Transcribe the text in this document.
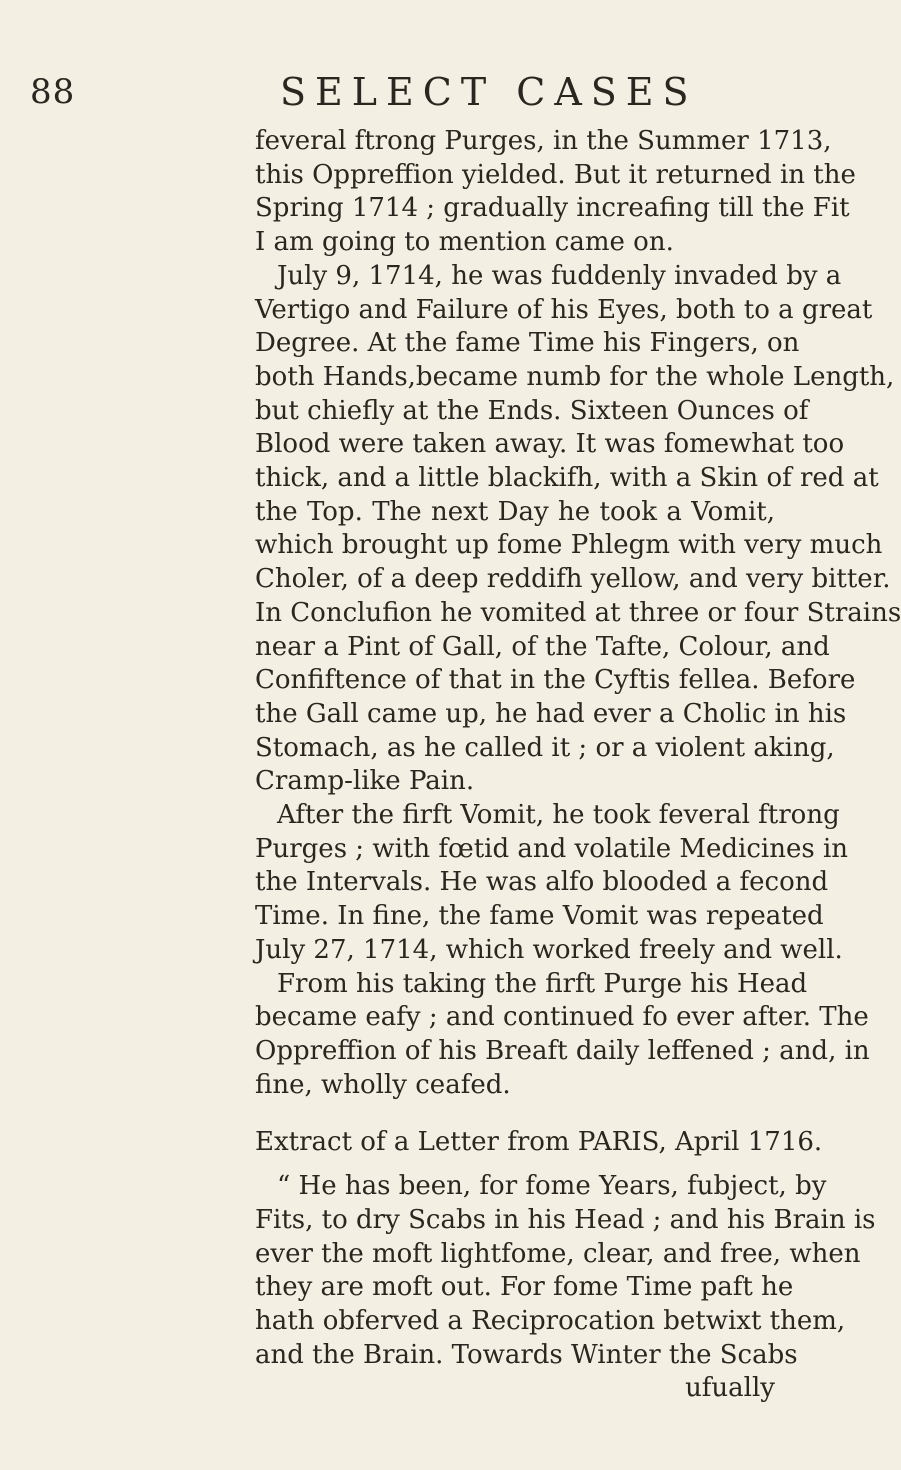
88	SELECT CASES
feveral ftrong Purges, in the Summer 1713,
this Oppreffion yielded. But it returned in the
Spring 1714 ; gradually increafing till the Fit
I am going to mention came on.
July 9, 1714, he was fuddenly invaded by a
Vertigo and Failure of his Eyes, both to a great
Degree. At the fame Time his Fingers, on
both Hands,became numb for the whole Length,
but chiefly at the Ends. Sixteen Ounces of
Blood were taken away. It was fomewhat too
thick, and a little blackifh, with a Skin of red at
the Top. The next Day he took a Vomit,
which brought up fome Phlegm with very much
Choler, of a deep reddifh yellow, and very bitter.
In Conclufion he vomited at three or four Strains
near a Pint of Gall, of the Tafte, Colour, and
Confiftence of that in the Cyftis fellea. Before
the Gall came up, he had ever a Cholic in his
Stomach, as he called it ; or a violent aking,
Cramp-like Pain.
After the firft Vomit, he took feveral ftrong
Purges ; with fœtid and volatile Medicines in
the Intervals. He was alfo blooded a fecond
Time. In fine, the fame Vomit was repeated
July 27, 1714, which worked freely and well.
From his taking the firft Purge his Head
became eafy ; and continued fo ever after. The
Oppreffion of his Breaft daily leffened ; and, in
fine, wholly ceafed.
Extract of a Letter from PARIS, April 1716.
“ He has been, for fome Years, fubject, by
Fits, to dry Scabs in his Head ; and his Brain is
ever the moft lightfome, clear, and free, when
they are moft out. For fome Time paft he
hath obferved a Reciprocation betwixt them,
and the Brain. Towards Winter the Scabs
ufually
